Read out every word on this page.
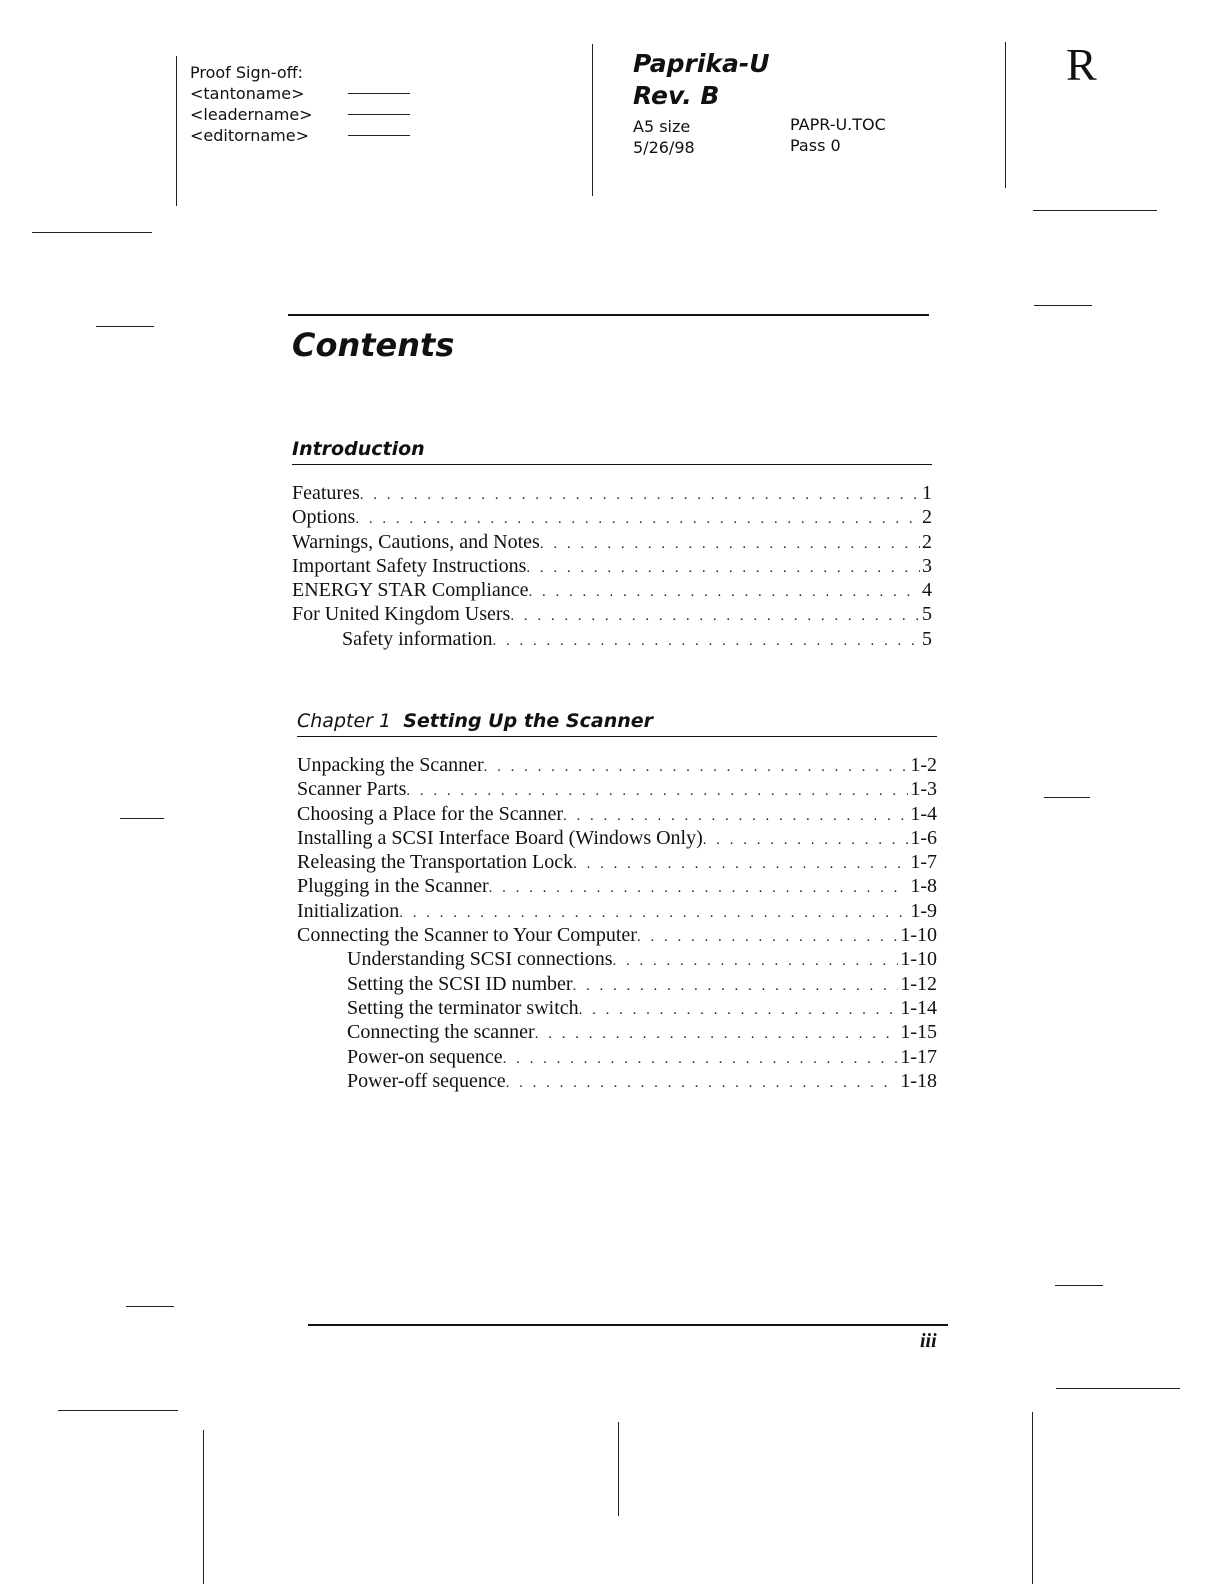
Proof Sign-off:
<tantoname>
<leadername>
<editorname>
Paprika-U
Rev. B
A5 size
5/26/98
PAPR-U.TOC
Pass 0
R
Contents
Introduction
Features . . .	1
Options . . .	2
Warnings, Cautions, and Notes . . .	2
Important Safety Instructions . . .	3
ENERGY STAR Compliance . . .	4
For United Kingdom Users . . .	5
Safety information . . .	5
Chapter 1 Setting Up the Scanner
Unpacking the Scanner . . .	1-2
Scanner Parts . . .	1-3
Choosing a Place for the Scanner . . .	1-4
Installing a SCSI Interface Board (Windows Only) . . .	1-6
Releasing the Transportation Lock . . .	1-7
Plugging in the Scanner . . .	1-8
Initialization . . .	1-9
Connecting the Scanner to Your Computer . . .	1-10
Understanding SCSI connections . . .	1-10
Setting the SCSI ID number . . .	1-12
Setting the terminator switch . . .	1-14
Connecting the scanner . . .	1-15
Power-on sequence . . .	1-17
Power-off sequence . . .	1-18
iii
